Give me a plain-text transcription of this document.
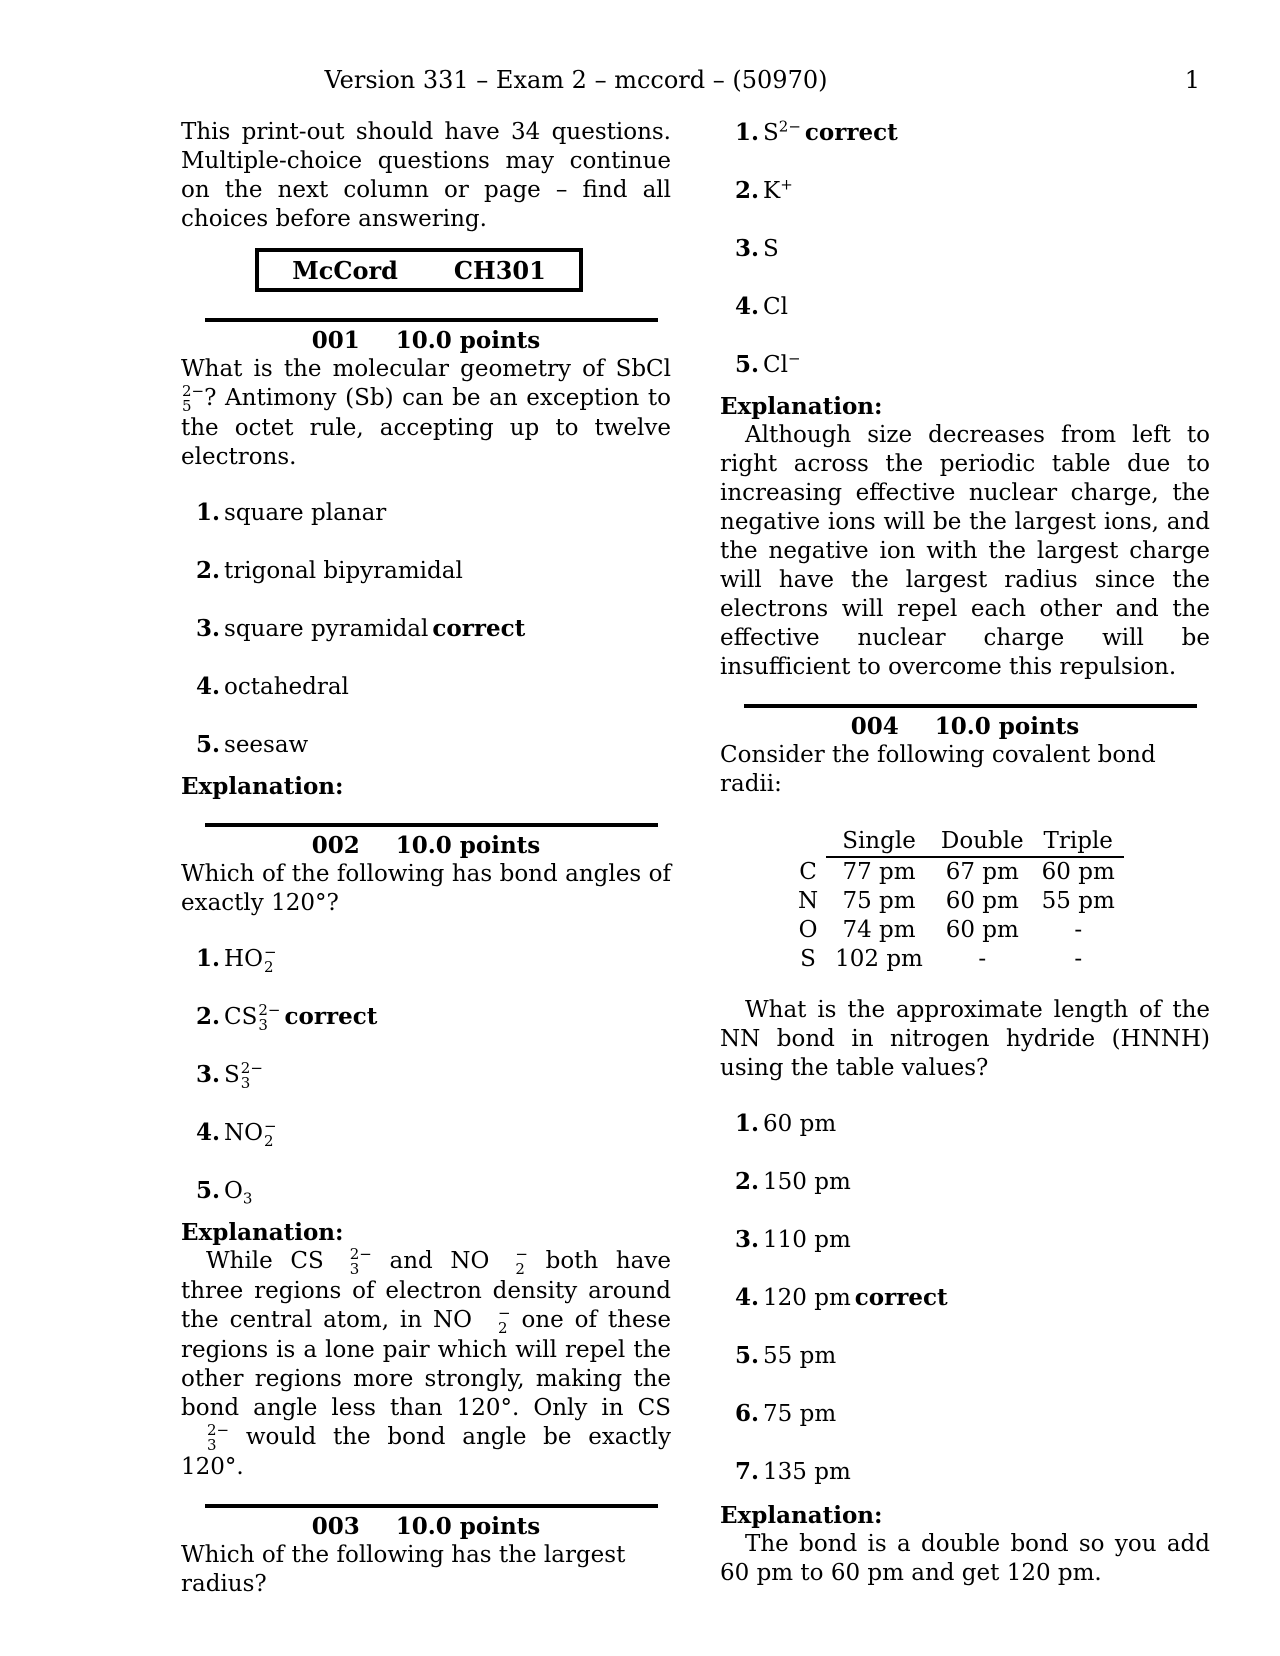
Version 331 – Exam 2 – mccord – (50970)	1
This print-out should have 34 questions. Multiple-choice questions may continue on the next column or page – find all choices before answering.
McCord CH301
001 10.0 points
What is the molecular geometry of SbCl
2−
5 ? Antimony (Sb) can be an exception to the octet rule, accepting up to twelve electrons.
1. square planar
2. trigonal bipyramidal
3. square pyramidal correct
4. octahedral
5. seesaw
Explanation:
002 10.0 points
Which of the following has bond angles of exactly 120°?
1. HO −
2
2. CS 2−
3 correct
3. S 2−
3
4. NO −
2
5. $O_3$
Explanation:
While CS	2−
3 and NO	−
2 both have three regions of electron density around the central atom, in NO	−
2 one of these regions is a lone pair which will repel the other regions more strongly, making the bond angle less than 120°. Only in CS
2−
3 would the bond angle be exactly 120°.
003 10.0 points
Which of the following has the largest radius?
1. $S^{2-}$ correct
2. K+
3. S
4. Cl
5. Cl−
Explanation:
Although size decreases from left to right across the periodic table due to increasing effective nuclear charge, the negative ions will be the largest ions, and the negative ion with the largest charge will have the largest radius since the electrons will repel each other and the effective nuclear charge will be insufficient to overcome this repulsion.
004 10.0 points
Consider the following covalent bond radii:
	Single	Double	Triple
C	77 pm	67 pm	60 pm
N	75 pm	60 pm	55 pm
O	74 pm	60 pm	-
S	102 pm	-	-
What is the approximate length of the NN bond in nitrogen hydride (HNNH) using the table values?
1. 60 pm
2. 150 pm
3. 110 pm
4. 120 pm correct
5. 55 pm
6. 75 pm
7. 135 pm
Explanation:
The bond is a double bond so you add 60 pm to 60 pm and get 120 pm.
